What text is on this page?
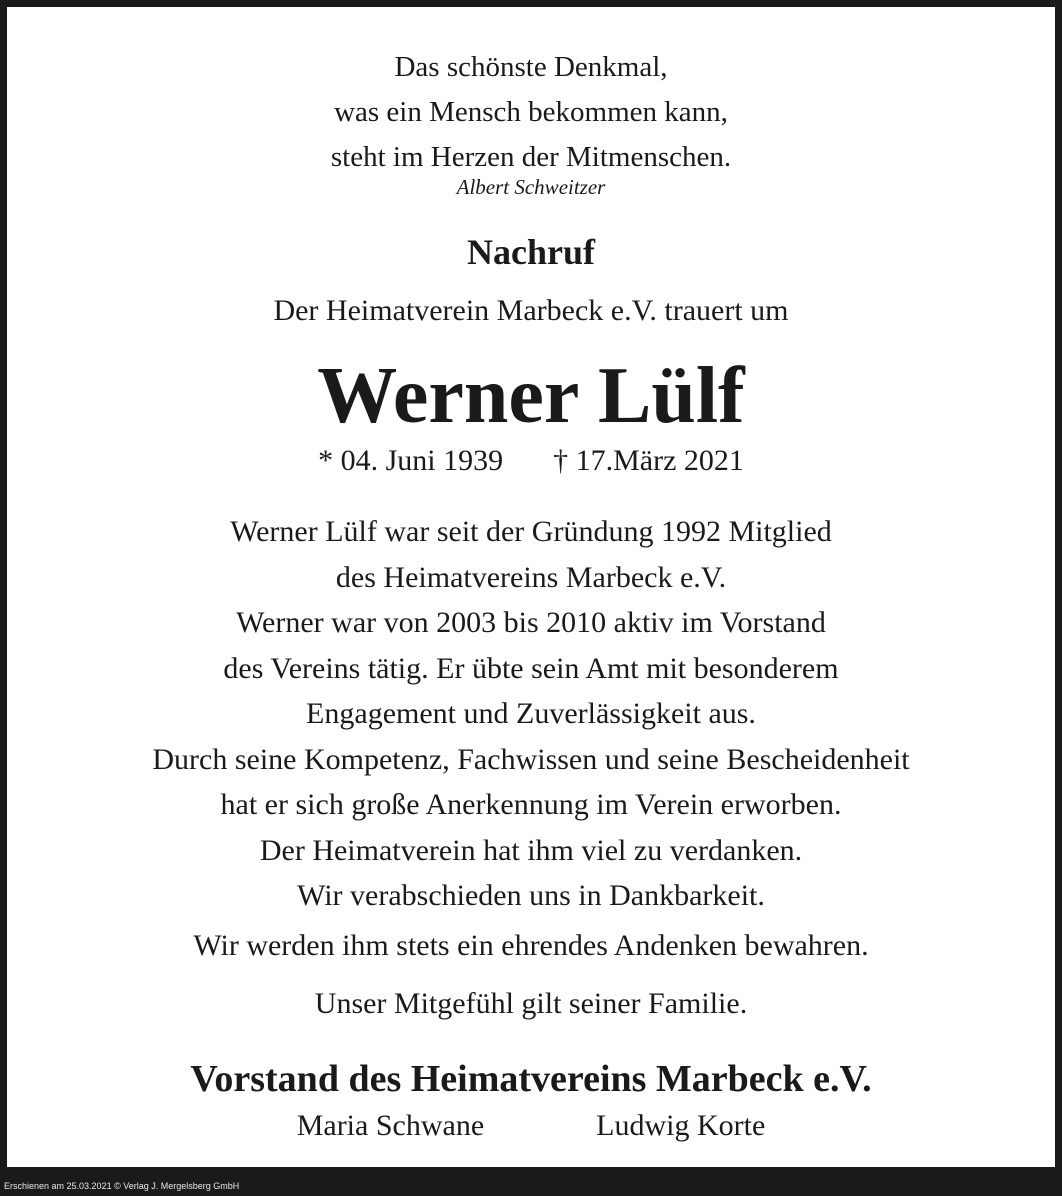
Das schönste Denkmal,
was ein Mensch bekommen kann,
steht im Herzen der Mitmenschen.
Albert Schweitzer
Nachruf
Der Heimatverein Marbeck e.V. trauert um
Werner Lülf
* 04. Juni 1939 † 17.März 2021
Werner Lülf war seit der Gründung 1992 Mitglied
des Heimatvereins Marbeck e.V.
Werner war von 2003 bis 2010 aktiv im Vorstand
des Vereins tätig. Er übte sein Amt mit besonderem
Engagement und Zuverlässigkeit aus.
Durch seine Kompetenz, Fachwissen und seine Bescheidenheit
hat er sich große Anerkennung im Verein erworben.
Der Heimatverein hat ihm viel zu verdanken.
Wir verabschieden uns in Dankbarkeit.
Wir werden ihm stets ein ehrendes Andenken bewahren.
Unser Mitgefühl gilt seiner Familie.
Vorstand des Heimatvereins Marbeck e.V.
Maria Schwane	Ludwig Korte
Erschienen am 25.03.2021 © Verlag J. Mergelsberg GmbH
